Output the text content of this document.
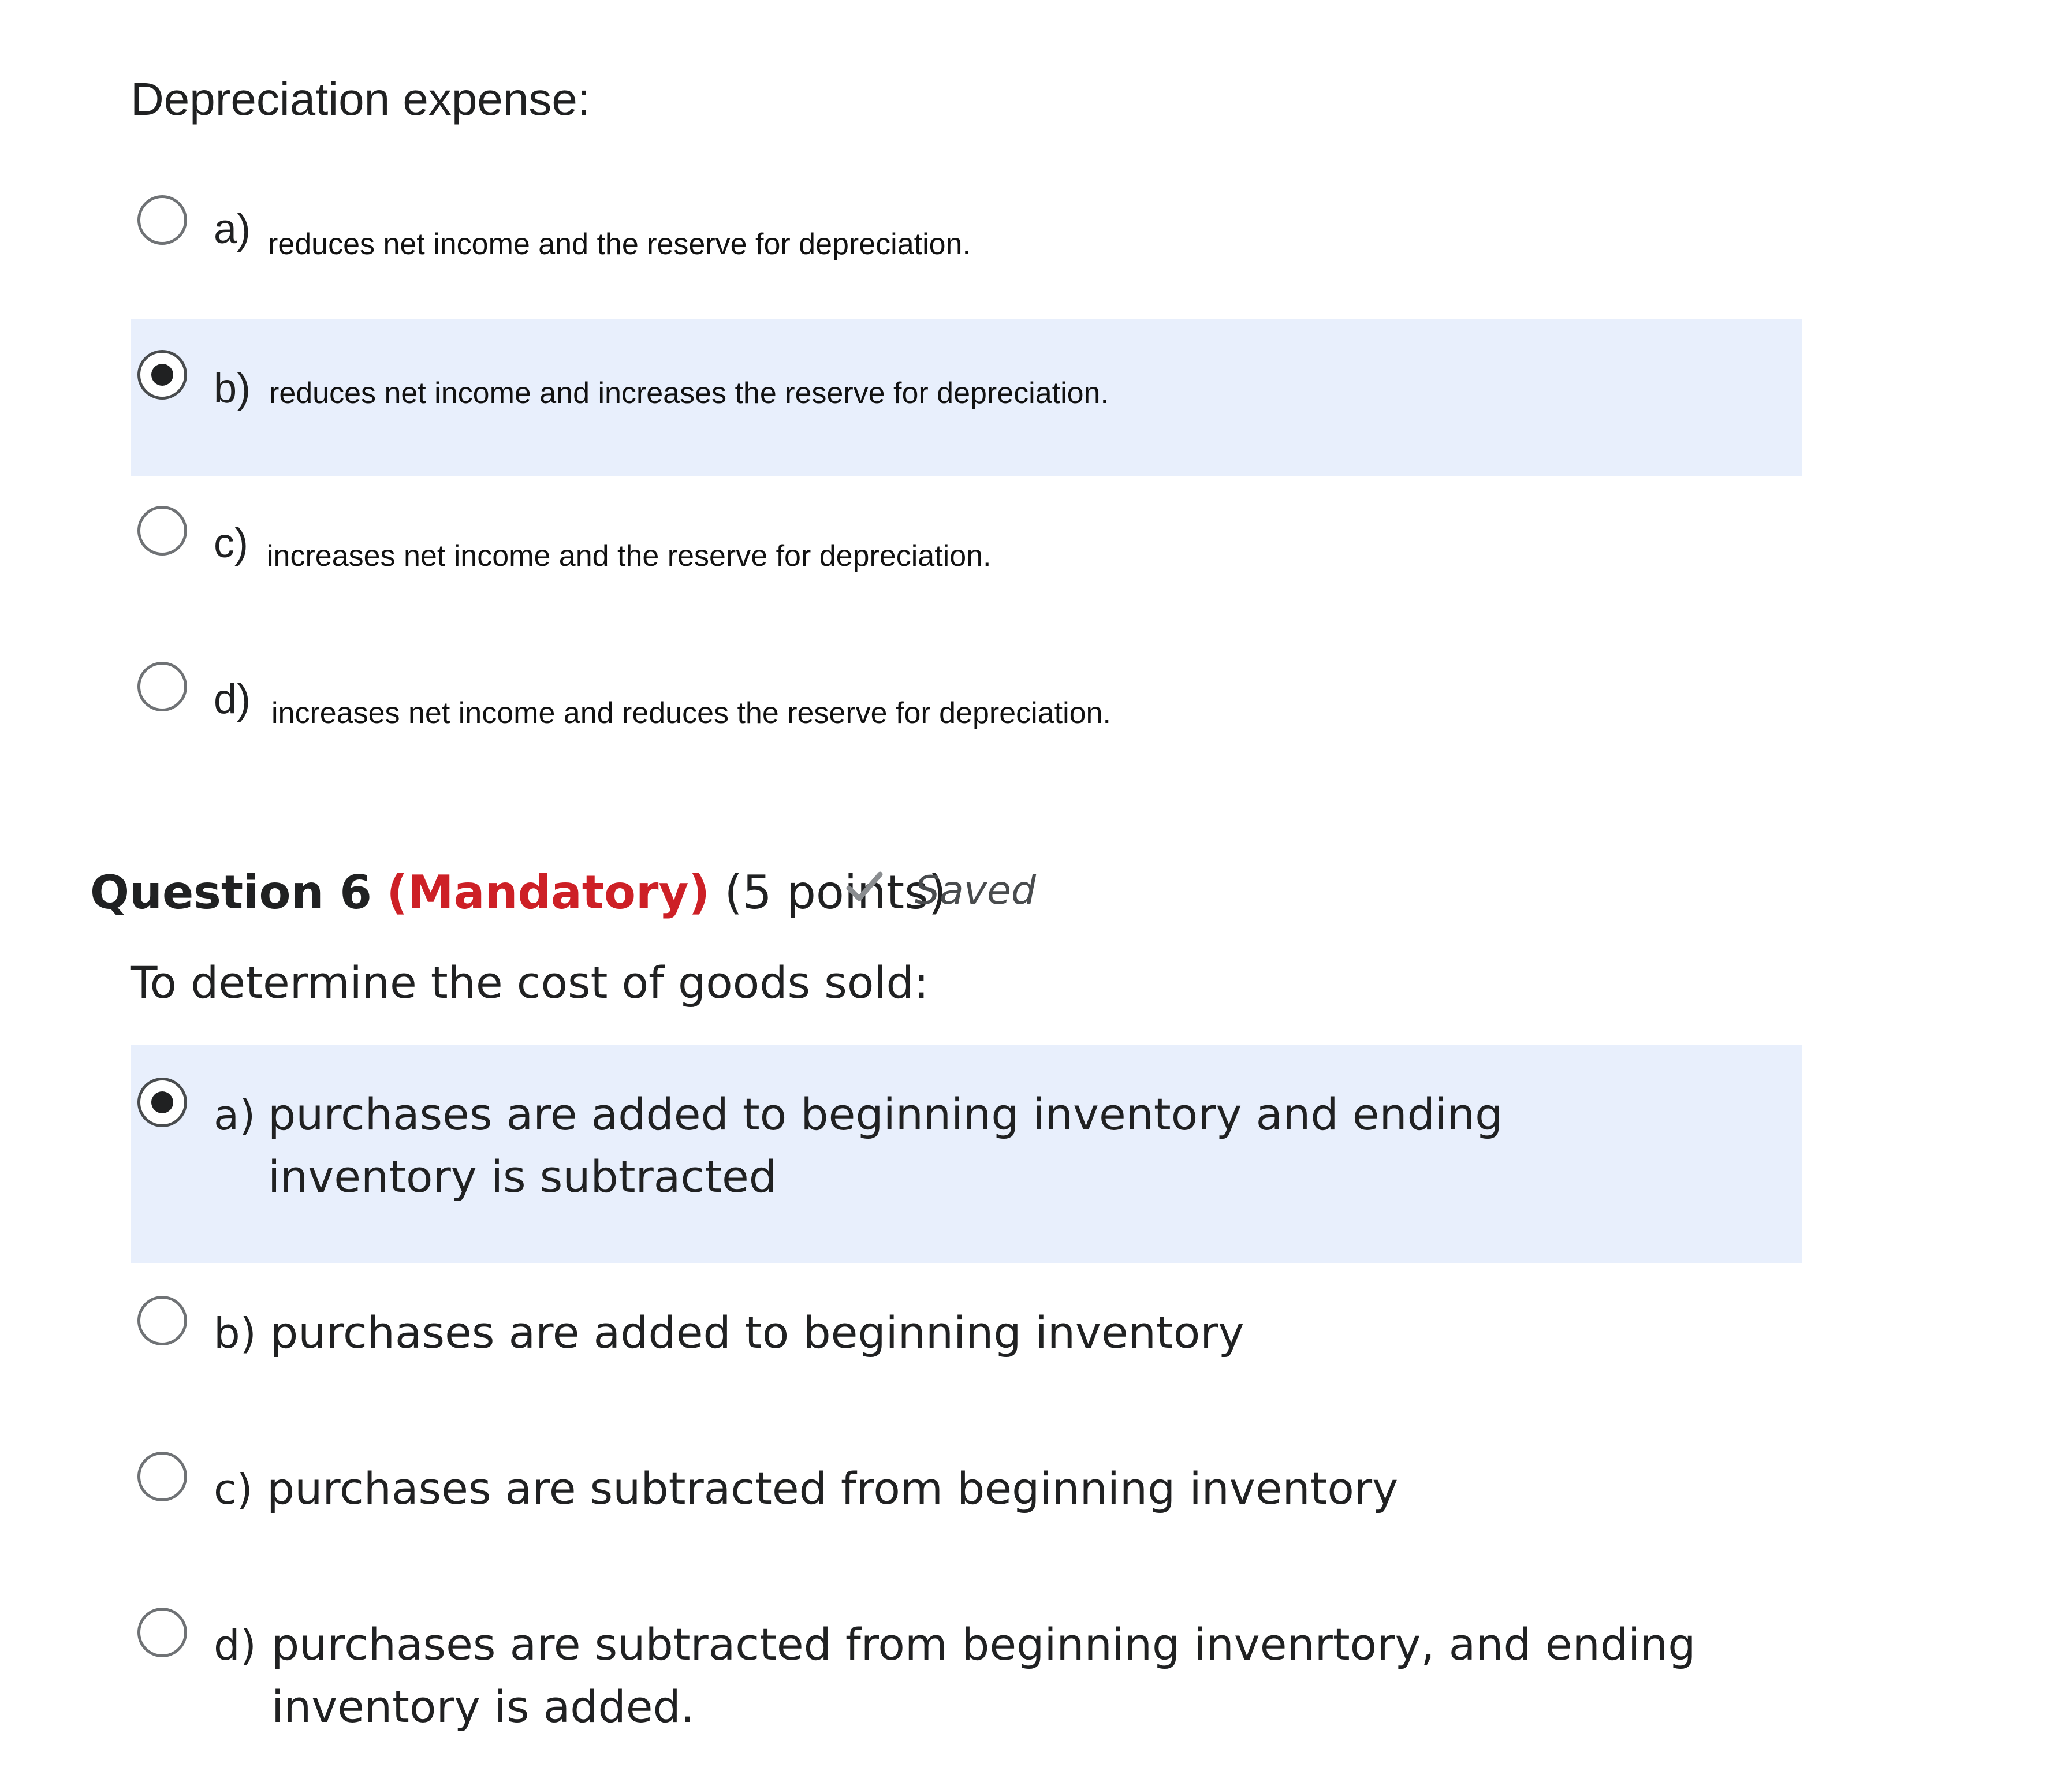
Depreciation expense:
a) reduces net income and the reserve for depreciation.
b) reduces net income and increases the reserve for depreciation.
c) increases net income and the reserve for depreciation.
d) increases net income and reduces the reserve for depreciation.
Question 6 (Mandatory) (5 points)
Saved
To determine the cost of goods sold:
a) purchases are added to beginning inventory and ending inventory is subtracted
b) purchases are added to beginning inventory
c) purchases are subtracted from beginning inventory
d) purchases are subtracted from beginning invenrtory, and ending inventory is added.
